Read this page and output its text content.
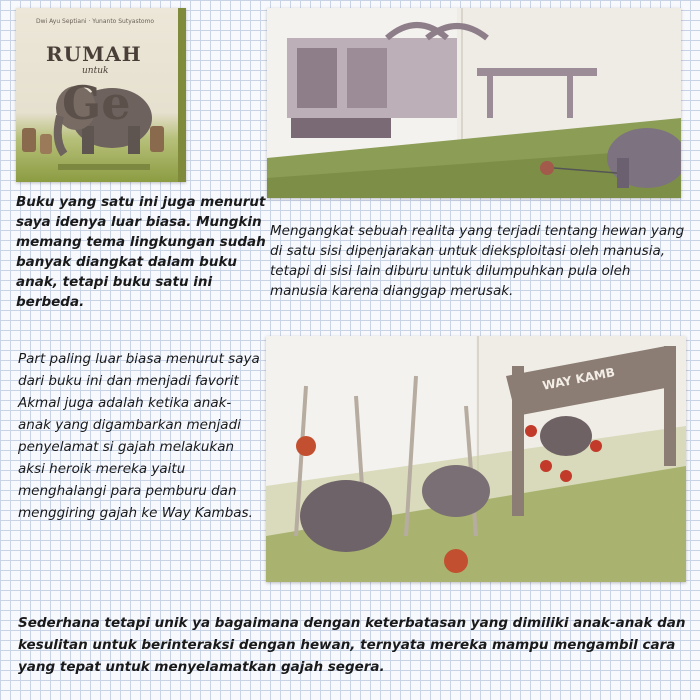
Dwi Ayu Septiani · Yunanto Sutyastomo
RUMAH
untuk
Ge
WAY KAMB

Buku yang satu ini juga menurut saya idenya luar biasa. Mungkin memang tema lingkungan sudah banyak diangkat dalam buku anak, tetapi buku satu ini berbeda.

Mengangkat sebuah realita yang terjadi tentang hewan yang di satu sisi dipenjarakan untuk dieksploitasi oleh manusia, tetapi di sisi lain diburu untuk dilumpuhkan pula oleh manusia karena dianggap merusak.

Part paling luar biasa menurut saya dari buku ini dan menjadi favorit Akmal juga adalah ketika anak-anak yang digambarkan menjadi penyelamat si gajah melakukan aksi heroik mereka yaitu menghalangi para pemburu dan menggiring gajah ke Way Kambas.

Sederhana tetapi unik ya bagaimana dengan keterbatasan yang dimiliki anak-anak dan kesulitan untuk berinteraksi dengan hewan, ternyata mereka mampu mengambil cara yang tepat untuk menyelamatkan gajah segera.
